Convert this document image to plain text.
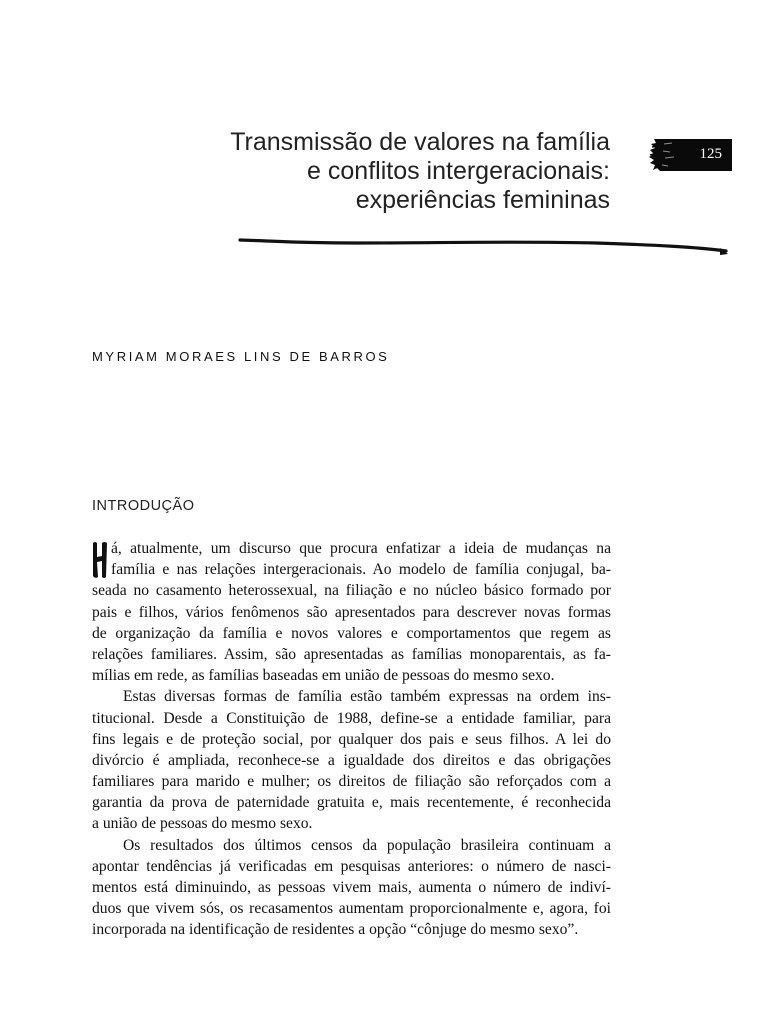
Transmissão de valores na família
e conflitos intergeracionais:
experiências femininas
125
MYRIAM MORAES LINS DE BARROS
INTRODUÇÃO
á, atualmente, um discurso que procura enfatizar a ideia de mudanças na
família e nas relações intergeracionais. Ao modelo de família conjugal, ba-
seada no casamento heterossexual, na filiação e no núcleo básico formado por
pais e filhos, vários fenômenos são apresentados para descrever novas formas
de organização da família e novos valores e comportamentos que regem as
relações familiares. Assim, são apresentadas as famílias monoparentais, as fa-
mílias em rede, as famílias baseadas em união de pessoas do mesmo sexo.
Estas diversas formas de família estão também expressas na ordem ins-
titucional. Desde a Constituição de 1988, define-se a entidade familiar, para
fins legais e de proteção social, por qualquer dos pais e seus filhos. A lei do
divórcio é ampliada, reconhece-se a igualdade dos direitos e das obrigações
familiares para marido e mulher; os direitos de filiação são reforçados com a
garantia da prova de paternidade gratuita e, mais recentemente, é reconhecida
a união de pessoas do mesmo sexo.
Os resultados dos últimos censos da população brasileira continuam a
apontar tendências já verificadas em pesquisas anteriores: o número de nasci-
mentos está diminuindo, as pessoas vivem mais, aumenta o número de indiví-
duos que vivem sós, os recasamentos aumentam proporcionalmente e, agora, foi
incorporada na identificação de residentes a opção “cônjuge do mesmo sexo”.
